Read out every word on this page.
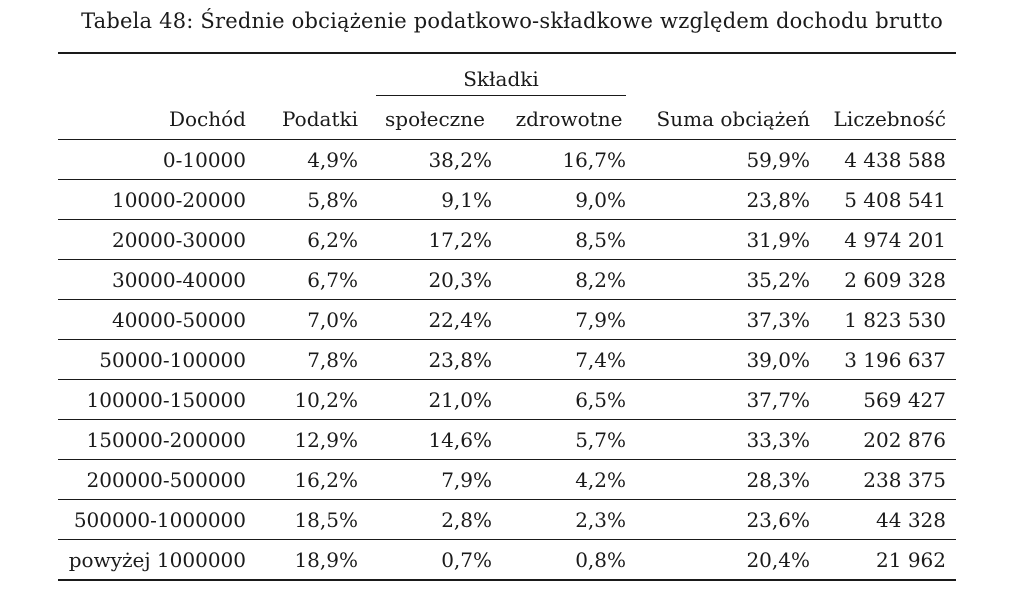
Tabela 48: Średnie obciążenie podatkowo-składkowe względem dochodu brutto

		Składki			

Dochód	Podatki	społeczne	zdrowotne	Suma obciążeń	Liczebność
0-10000	4,9%	38,2%	16,7%	59,9%	4 438 588
10000-20000	5,8%	9,1%	9,0%	23,8%	5 408 541
20000-30000	6,2%	17,2%	8,5%	31,9%	4 974 201
30000-40000	6,7%	20,3%	8,2%	35,2%	2 609 328
40000-50000	7,0%	22,4%	7,9%	37,3%	1 823 530
50000-100000	7,8%	23,8%	7,4%	39,0%	3 196 637
100000-150000	10,2%	21,0%	6,5%	37,7%	569 427
150000-200000	12,9%	14,6%	5,7%	33,3%	202 876
200000-500000	16,2%	7,9%	4,2%	28,3%	238 375
500000-1000000	18,5%	2,8%	2,3%	23,6%	44 328
powyżej 1000000	18,9%	0,7%	0,8%	20,4%	21 962
